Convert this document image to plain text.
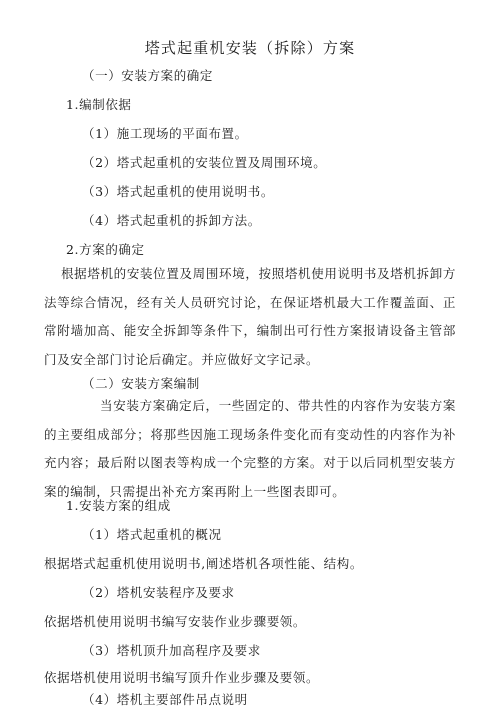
塔式起重机安装（拆除）方案
（一）安装方案的确定
1.编制依据
（1）施工现场的平面布置。
（2）塔式起重机的安装位置及周围环境。
（3）塔式起重机的使用说明书。
（4）塔式起重机的拆卸方法。
2.方案的确定

根据塔机的安装位置及周围环境，按照塔机使用说明书及塔机拆卸方法等综合情况，经有关人员研究讨论，在保证塔机最大工作覆盖面、正常附墙加高、能安全拆卸等条件下，编制出可行性方案报请设备主管部门及安全部门讨论后确定。并应做好文字记录。

（二）安装方案编制

当安装方案确定后，一些固定的、带共性的内容作为安装方案的主要组成部分；将那些因施工现场条件变化而有变动性的内容作为补充内容；最后附以图表等构成一个完整的方案。对于以后同机型安装方案的编制，只需提出补充方案再附上一些图表即可。

1.安装方案的组成
（1）塔式起重机的概况
根据塔式起重机使用说明书,阐述塔机各项性能、结构。
（2）塔机安装程序及要求
依据塔机使用说明书编写安装作业步骤要领。
（3）塔机顶升加高程序及要求
依据塔机使用说明书编写顶升作业步骤及要领。
（4）塔机主要部件吊点说明
